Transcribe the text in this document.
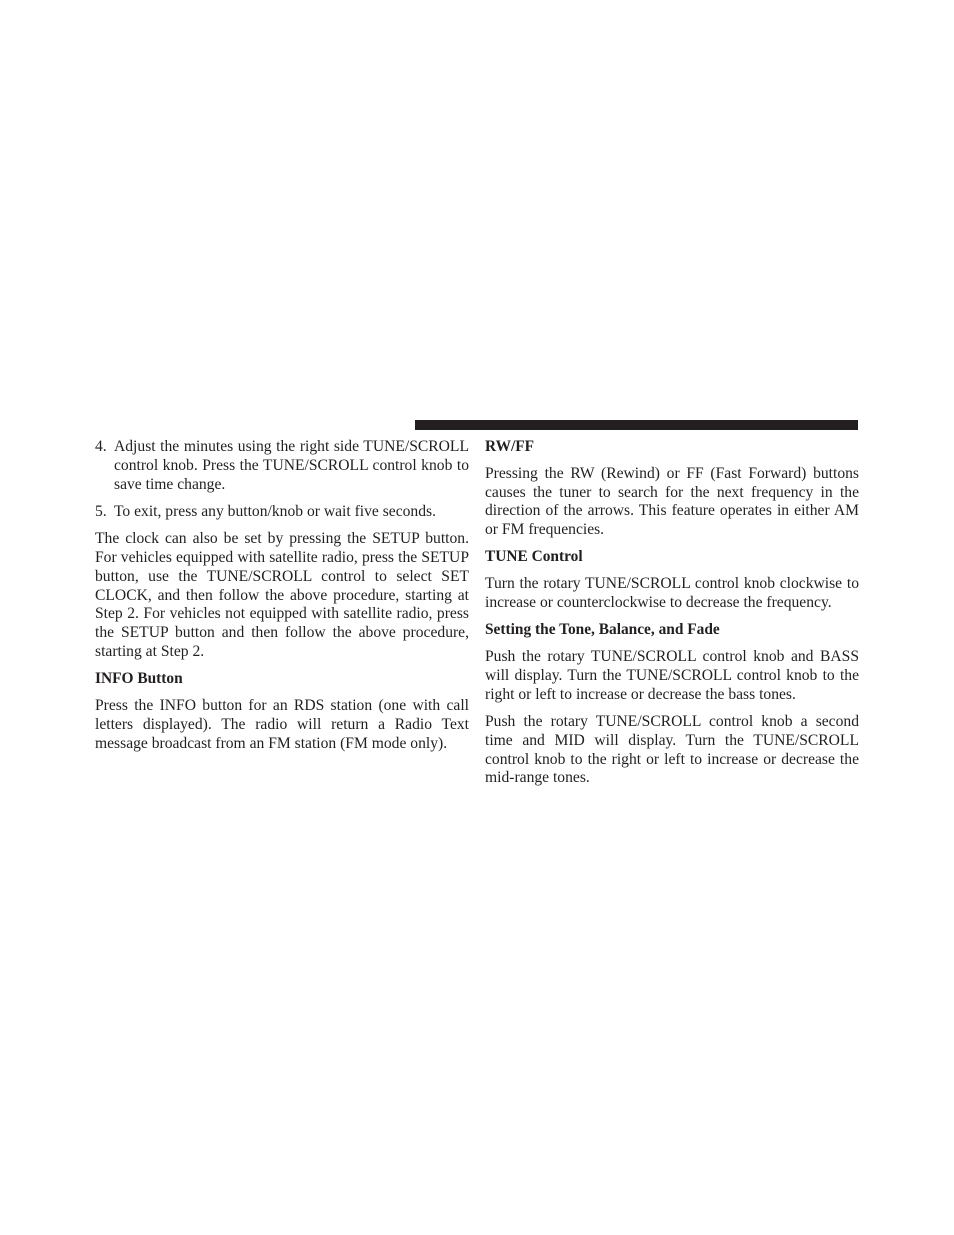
4. Adjust the minutes using the right side TUNE/SCROLL control knob. Press the TUNE/SCROLL control knob to save time change.
5. To exit, press any button/knob or wait five seconds.

The clock can also be set by pressing the SETUP button. For vehicles equipped with satellite radio, press the SETUP button, use the TUNE/SCROLL control to select SET CLOCK, and then follow the above procedure, starting at Step 2. For vehicles not equipped with satellite radio, press the SETUP button and then follow the above procedure, starting at Step 2.

INFO Button

Press the INFO button for an RDS station (one with call letters displayed). The radio will return a Radio Text message broadcast from an FM station (FM mode only).

RW/FF

Pressing the RW (Rewind) or FF (Fast Forward) buttons causes the tuner to search for the next frequency in the direction of the arrows. This feature operates in either AM or FM frequencies.

TUNE Control

Turn the rotary TUNE/SCROLL control knob clockwise to increase or counterclockwise to decrease the frequency.

Setting the Tone, Balance, and Fade

Push the rotary TUNE/SCROLL control knob and BASS will display. Turn the TUNE/SCROLL control knob to the right or left to increase or decrease the bass tones.

Push the rotary TUNE/SCROLL control knob a second time and MID will display. Turn the TUNE/SCROLL control knob to the right or left to increase or decrease the mid-range tones.
